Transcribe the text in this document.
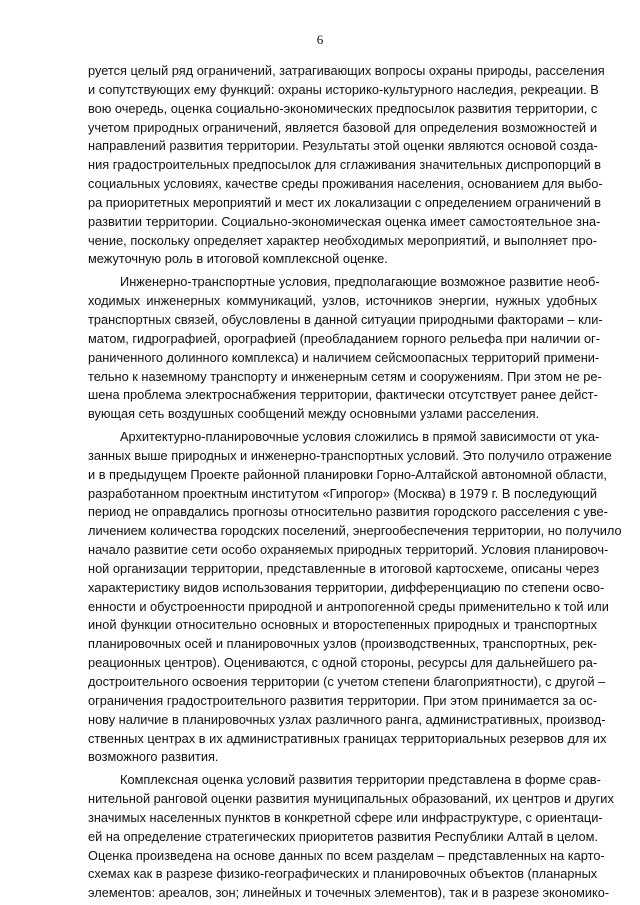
6
руется целый ряд ограничений, затрагивающих вопросы охраны природы, расселения
и сопутствующих ему функций: охраны историко-культурного наследия, рекреации. В
вою очередь, оценка социально-экономических предпосылок развития территории, с
учетом природных ограничений, является базовой для определения возможностей и
направлений развития территории. Результаты этой оценки являются основой созда-
ния градостроительных предпосылок для сглаживания значительных диспропорций в
социальных условиях, качестве среды проживания населения, основанием для выбо-
ра приоритетных мероприятий и мест их локализации с определением ограничений в
развитии территории. Социально-экономическая оценка имеет самостоятельное зна-
чение, поскольку определяет характер необходимых мероприятий, и выполняет про-
межуточную роль в итоговой комплексной оценке.
Инженерно-транспортные условия, предполагающие возможное развитие необ-
ходимых инженерных коммуникаций, узлов, источников энергии, нужных удобных
транспортных связей, обусловлены в данной ситуации природными факторами – кли-
матом, гидрографией, орографией (преобладанием горного рельефа при наличии ог-
раниченного долинного комплекса) и наличием сейсмоопасных территорий примени-
тельно к наземному транспорту и инженерным сетям и сооружениям. При этом не ре-
шена проблема электроснабжения территории, фактически отсутствует ранее дейст-
вующая сеть воздушных сообщений между основными узлами расселения.
Архитектурно-планировочные условия сложились в прямой зависимости от ука-
занных выше природных и инженерно-транспортных условий. Это получило отражение
и в предыдущем Проекте районной планировки Горно-Алтайской автономной области,
разработанном проектным институтом «Гипрогор» (Москва) в 1979 г. В последующий
период не оправдались прогнозы относительно развития городского расселения с уве-
личением количества городских поселений, энергообеспечения территории, но получило
начало развитие сети особо охраняемых природных территорий. Условия планировоч-
ной организации территории, представленные в итоговой картосхеме, описаны через
характеристику видов использования территории, дифференциацию по степени осво-
енности и обустроенности природной и антропогенной среды применительно к той или
иной функции относительно основных и второстепенных природных и транспортных
планировочных осей и планировочных узлов (производственных, транспортных, рек-
реационных центров). Оцениваются, с одной стороны, ресурсы для дальнейшего ра-
достроительного освоения территории (с учетом степени благоприятности), с другой –
ограничения градостроительного развития территории. При этом принимается за ос-
нову наличие в планировочных узлах различного ранга, административных, производ-
ственных центрах в их административных границах территориальных резервов для их
возможного развития.
Комплексная оценка условий развития территории представлена в форме срав-
нительной ранговой оценки развития муниципальных образований, их центров и других
значимых населенных пунктов в конкретной сфере или инфраструктуре, с ориентаци-
ей на определение стратегических приоритетов развития Республики Алтай в целом.
Оценка произведена на основе данных по всем разделам – представленных на карто-
схемах как в разрезе физико-географических и планировочных объектов (планарных
элементов: ареалов, зон; линейных и точечных элементов), так и в разрезе экономико-
